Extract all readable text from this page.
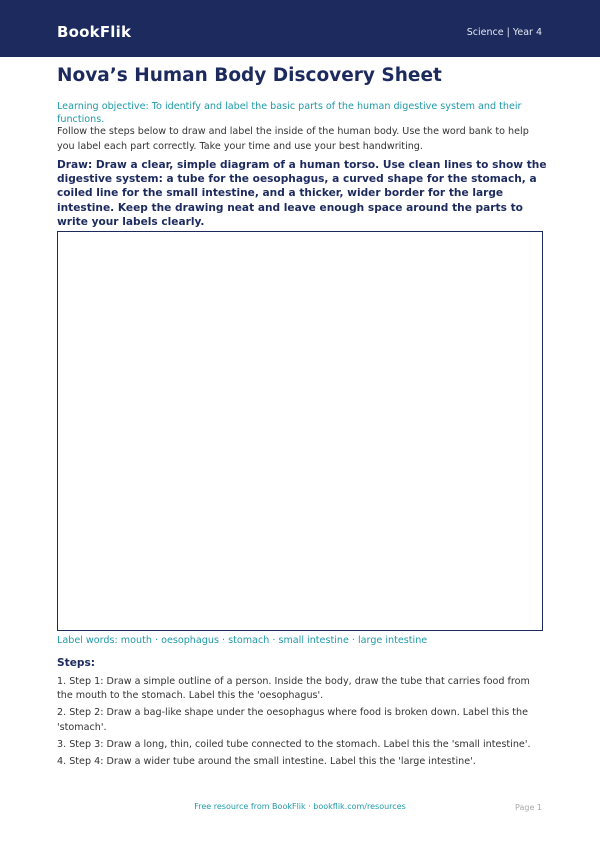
BookFlik	Science | Year 4
Nova’s Human Body Discovery Sheet
Learning objective: To identify and label the basic parts of the human digestive system and their functions.
Follow the steps below to draw and label the inside of the human body. Use the word bank to help you label each part correctly. Take your time and use your best handwriting.
Draw: Draw a clear, simple diagram of a human torso. Use clean lines to show the digestive system: a tube for the oesophagus, a curved shape for the stomach, a coiled line for the small intestine, and a thicker, wider border for the large intestine. Keep the drawing neat and leave enough space around the parts to write your labels clearly.
Label words: mouth · oesophagus · stomach · small intestine · large intestine
Steps:
1. Step 1: Draw a simple outline of a person. Inside the body, draw the tube that carries food from the mouth to the stomach. Label this the 'oesophagus'.
2. Step 2: Draw a bag-like shape under the oesophagus where food is broken down. Label this the 'stomach'.
3. Step 3: Draw a long, thin, coiled tube connected to the stomach. Label this the 'small intestine'.
4. Step 4: Draw a wider tube around the small intestine. Label this the 'large intestine'.
Free resource from BookFlik · bookflik.com/resources	Page 1
